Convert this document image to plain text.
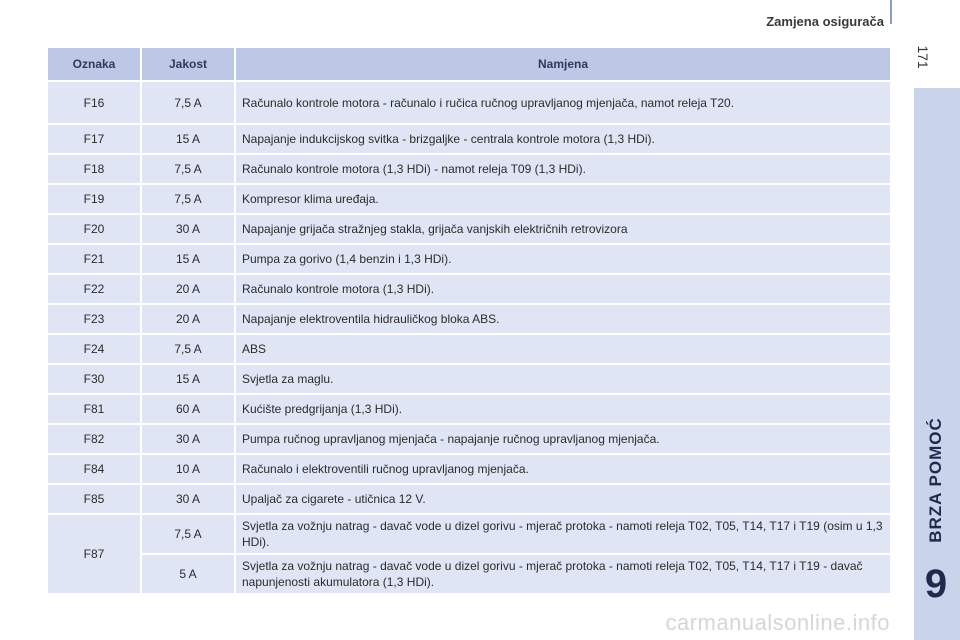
Zamjena osigurača
171
BRZA POMOĆ
9
Oznaka	Jakost	Namjena
F16	7,5 A	Računalo kontrole motora - računalo i ručica ručnog upravljanog mjenjača, namot releja T20.
F17	15 A	Napajanje indukcijskog svitka - brizgaljke - centrala kontrole motora (1,3 HDi).
F18	7,5 A	Računalo kontrole motora (1,3 HDi) - namot releja T09 (1,3 HDi).
F19	7,5 A	Kompresor klima uređaja.
F20	30 A	Napajanje grijača stražnjeg stakla, grijača vanjskih električnih retrovizora
F21	15 A	Pumpa za gorivo (1,4 benzin i 1,3 HDi).
F22	20 A	Računalo kontrole motora (1,3 HDi).
F23	20 A	Napajanje elektroventila hidrauličkog bloka ABS.
F24	7,5 A	ABS
F30	15 A	Svjetla za maglu.
F81	60 A	Kućište predgrijanja (1,3 HDi).
F82	30 A	Pumpa ručnog upravljanog mjenjača - napajanje ručnog upravljanog mjenjača.
F84	10 A	Računalo i elektroventili ručnog upravljanog mjenjača.
F85	30 A	Upaljač za cigarete - utičnica 12 V.
F87	7,5 A	Svjetla za vožnju natrag - davač vode u dizel gorivu - mjerač protoka - namoti releja T02, T05, T14, T17 i T19 (osim u 1,3 HDi).
	5 A	Svjetla za vožnju natrag - davač vode u dizel gorivu - mjerač protoka - namoti releja T02, T05, T14, T17 i T19 - davač napunjenosti akumulatora (1,3 HDi).
carmanualsonline.info
